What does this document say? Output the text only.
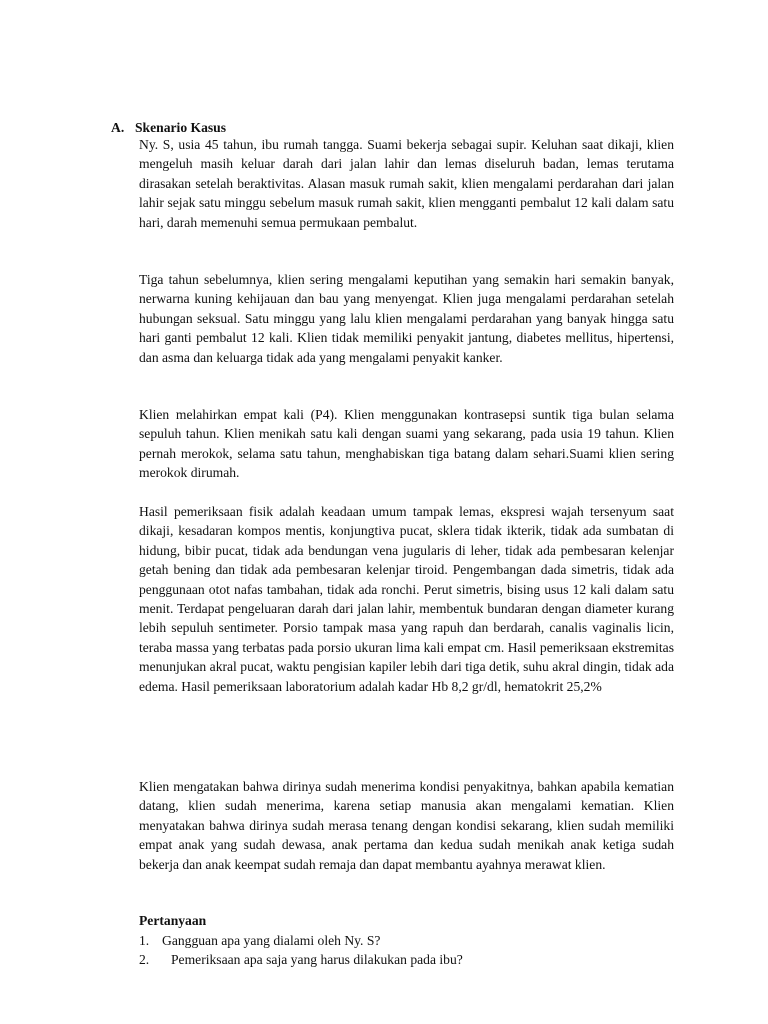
A. Skenario Kasus

Ny. S, usia 45 tahun, ibu rumah tangga. Suami bekerja sebagai supir. Keluhan saat dikaji, klien mengeluh masih keluar darah dari jalan lahir dan lemas diseluruh badan, lemas terutama dirasakan setelah beraktivitas. Alasan masuk rumah sakit, klien mengalami perdarahan dari jalan lahir sejak satu minggu sebelum masuk rumah sakit, klien mengganti pembalut 12 kali dalam satu hari, darah memenuhi semua permukaan pembalut.

Tiga tahun sebelumnya, klien sering mengalami keputihan yang semakin hari semakin banyak, nerwarna kuning kehijauan dan bau yang menyengat. Klien juga mengalami perdarahan setelah hubungan seksual. Satu minggu yang lalu klien mengalami perdarahan yang banyak hingga satu hari ganti pembalut 12 kali. Klien tidak memiliki penyakit jantung, diabetes mellitus, hipertensi, dan asma dan keluarga tidak ada yang mengalami penyakit kanker.

Klien melahirkan empat kali (P4). Klien menggunakan kontrasepsi suntik tiga bulan selama sepuluh tahun. Klien menikah satu kali dengan suami yang sekarang, pada usia 19 tahun. Klien pernah merokok, selama satu tahun, menghabiskan tiga batang dalam sehari.Suami klien sering merokok dirumah.

Hasil pemeriksaan fisik adalah keadaan umum tampak lemas, ekspresi wajah tersenyum saat dikaji, kesadaran kompos mentis, konjungtiva pucat, sklera tidak ikterik, tidak ada sumbatan di hidung, bibir pucat, tidak ada bendungan vena jugularis di leher, tidak ada pembesaran kelenjar getah bening dan tidak ada pembesaran kelenjar tiroid. Pengembangan dada simetris, tidak ada penggunaan otot nafas tambahan, tidak ada ronchi. Perut simetris, bising usus 12 kali dalam satu menit. Terdapat pengeluaran darah dari jalan lahir, membentuk bundaran dengan diameter kurang lebih sepuluh sentimeter. Porsio tampak masa yang rapuh dan berdarah, canalis vaginalis licin, teraba massa yang terbatas pada porsio ukuran lima kali empat cm. Hasil pemeriksaan ekstremitas menunjukan akral pucat, waktu pengisian kapiler lebih dari tiga detik, suhu akral dingin, tidak ada edema. Hasil pemeriksaan laboratorium adalah kadar Hb 8,2 gr/dl, hematokrit 25,2%

Klien mengatakan bahwa dirinya sudah menerima kondisi penyakitnya, bahkan apabila kematian datang, klien sudah menerima, karena setiap manusia akan mengalami kematian. Klien menyatakan bahwa dirinya sudah merasa tenang dengan kondisi sekarang, klien sudah memiliki empat anak yang sudah dewasa, anak pertama dan kedua sudah menikah anak ketiga sudah bekerja dan anak keempat sudah remaja dan dapat membantu ayahnya merawat klien.

Pertanyaan
1. Gangguan apa yang dialami oleh Ny. S?
2. Pemeriksaan apa saja yang harus dilakukan pada ibu?
